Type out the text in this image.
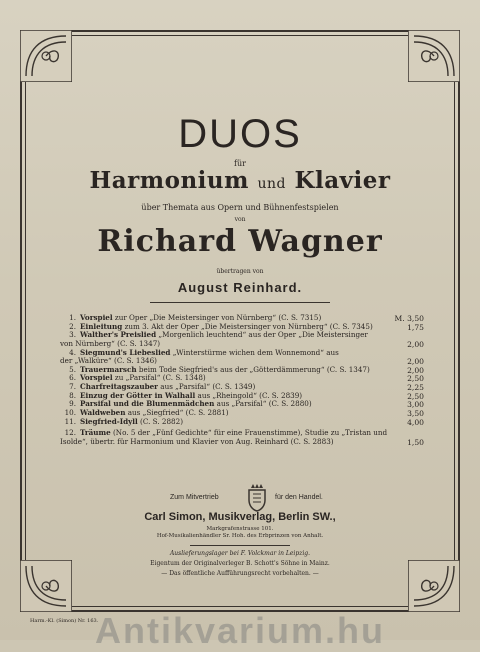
DUOS
für
Harmonium und Klavier
über Themata aus Opern und Bühnenfestspielen
von
Richard Wagner
übertragen von
August Reinhard.
1. Vorspiel zur Oper „Die Meistersinger von Nürnberg“ (C. S. 7315)	M. 3,50
2. Einleitung zum 3. Akt der Oper „Die Meistersinger von Nürnberg“ (C. S. 7345)	1,75
3. Walther's Preislied „Morgenlich leuchtend“ aus der Oper „Die Meistersinger
von Nürnberg“ (C. S. 1347)	2,00
4. Siegmund's Liebeslied „Winterstürme wichen dem Wonnemond“ aus
der „Walküre“ (C. S. 1346)	2,00
5. Trauermarsch beim Tode Siegfried's aus der „Götterdämmerung“ (C. S. 1347)	2,00
6. Vorspiel zu „Parsifal“ (C. S. 1348)	2,50
7. Charfreitagszauber aus „Parsifal“ (C. S. 1349)	2,25
8. Einzug der Götter in Walhall aus „Rheingold“ (C. S. 2839)	2,50
9. Parsifal und die Blumenmädchen aus „Parsifal“ (C. S. 2880)	3,00
10. Waldweben aus „Siegfried“ (C. S. 2881)	3,50
11. Siegfried-Idyll (C. S. 2882)	4,00
12. Träume (No. 5 der „Fünf Gedichte“ für eine Frauenstimme), Studie zu „Tristan und
Isolde“, übertr. für Harmonium und Klavier von Aug. Reinhard (C. S. 2883)	1,50
Zum Mitvertrieb	für den Handel.
Carl Simon, Musikverlag, Berlin SW.,
Markgrafenstrasse 101.
Hof-Musikalienhändler Sr. Hoh. des Erbprinzen von Anhalt.
Auslieferungslager bei F. Volckmar in Leipzig.
Eigentum der Originalverleger B. Schott's Söhne in Mainz.
— Das öffentliche Aufführungsrecht vorbehalten. —
Harm.-Kl. (Simon) Nr. 163.
Antikvarium.hu
